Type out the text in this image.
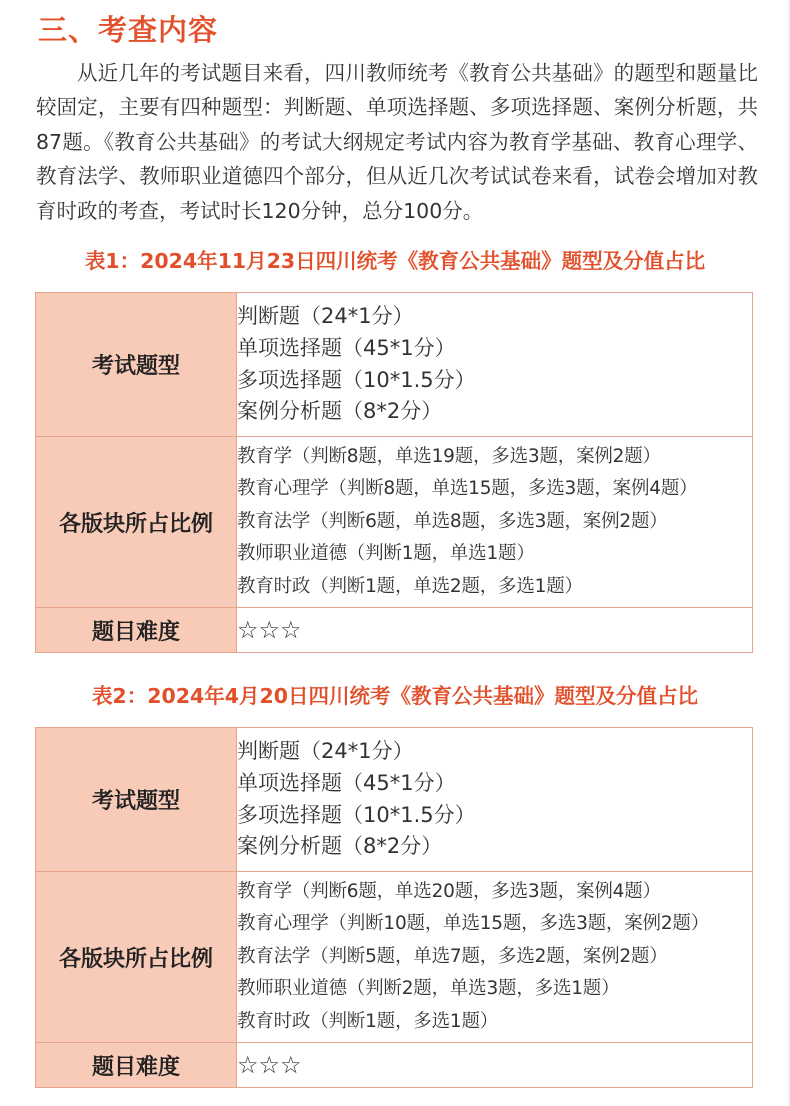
三、考查内容

从近几年的考试题目来看，四川教师统考《教育公共基础》的题型和题量比较固定，主要有四种题型：判断题、单项选择题、多项选择题、案例分析题，共87题。《教育公共基础》的考试大纲规定考试内容为教育学基础、教育心理学、教育法学、教师职业道德四个部分，但从近几次考试试卷来看，试卷会增加对教育时政的考查，考试时长120分钟，总分100分。

表1：2024年11月23日四川统考《教育公共基础》题型及分值占比
考试题型	判断题（24*1分）
单项选择题（45*1分）
多项选择题（10*1.5分）
案例分析题（8*2分）

各版块所占比例	教育学（判断8题，单选19题，多选3题，案例2题）
教育心理学（判断8题，单选15题，多选3题，案例4题）
教育法学（判断6题，单选8题，多选3题，案例2题）
教师职业道德（判断1题，单选1题）
教育时政（判断1题，单选2题，多选1题）

题目难度	☆☆☆
表2：2024年4月20日四川统考《教育公共基础》题型及分值占比
考试题型	判断题（24*1分）
单项选择题（45*1分）
多项选择题（10*1.5分）
案例分析题（8*2分）

各版块所占比例	教育学（判断6题，单选20题，多选3题，案例4题）
教育心理学（判断10题，单选15题，多选3题，案例2题）
教育法学（判断5题，单选7题，多选2题，案例2题）
教师职业道德（判断2题，单选3题，多选1题）
教育时政（判断1题，多选1题）

题目难度	☆☆☆
